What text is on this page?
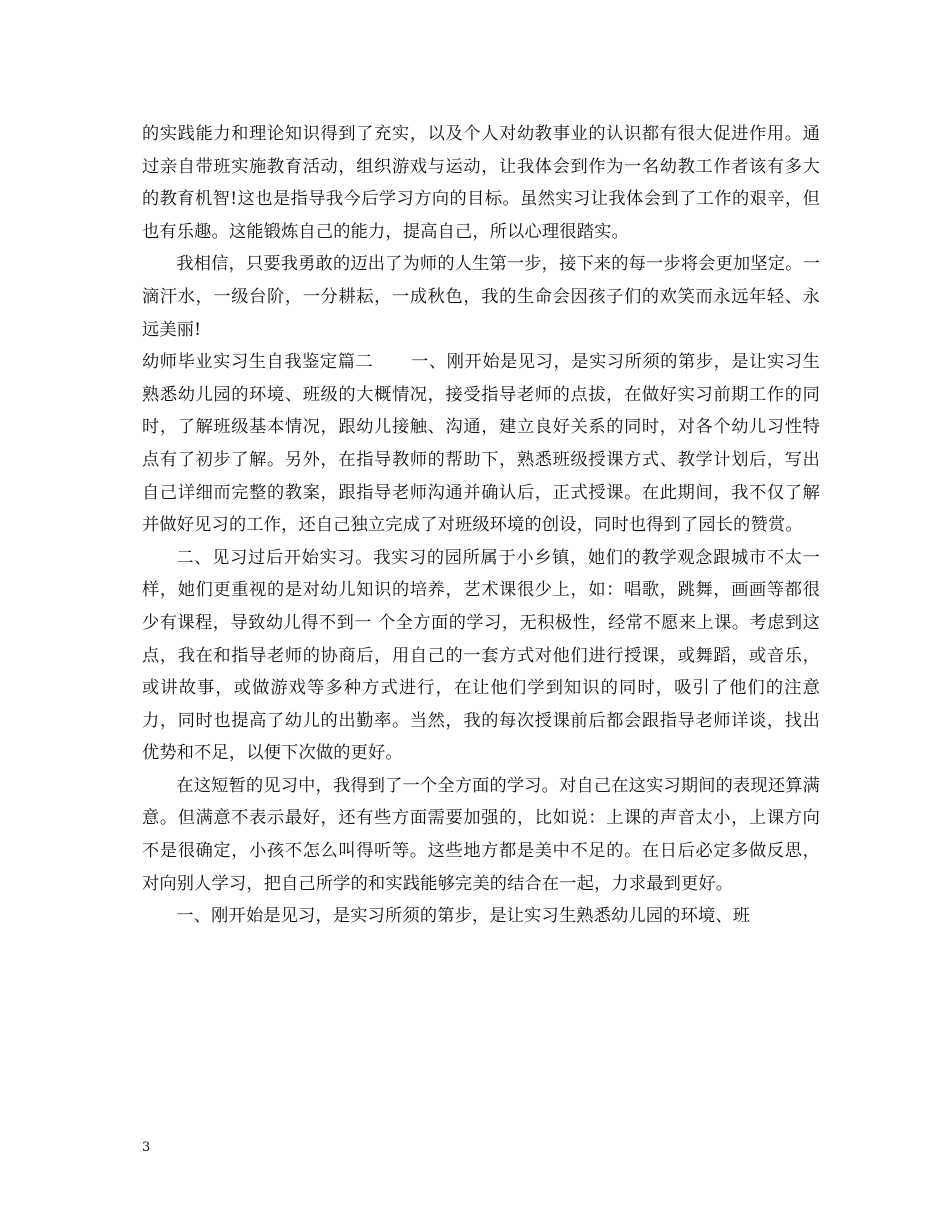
的实践能力和理论知识得到了充实，以及个人对幼教事业的认识都有很大促进作用。通过亲自带班实施教育活动，组织游戏与运动，让我体会到作为一名幼教工作者该有多大的教育机智!这也是指导我今后学习方向的目标。虽然实习让我体会到了工作的艰辛，但也有乐趣。这能锻炼自己的能力，提高自己，所以心理很踏实。

我相信，只要我勇敢的迈出了为师的人生第一步，接下来的每一步将会更加坚定。一滴汗水，一级台阶，一分耕耘，一成秋色，我的生命会因孩子们的欢笑而永远年轻、永远美丽!

幼师毕业实习生自我鉴定篇二 一、刚开始是见习，是实习所须的第步，是让实习生熟悉幼儿园的环境、班级的大概情况，接受指导老师的点拔，在做好实习前期工作的同时，了解班级基本情况，跟幼儿接触、沟通，建立良好关系的同时，对各个幼儿习性特点有了初步了解。另外，在指导教师的帮助下，熟悉班级授课方式、教学计划后，写出自己详细而完整的教案，跟指导老师沟通并确认后，正式授课。在此期间，我不仅了解并做好见习的工作，还自己独立完成了对班级环境的创设，同时也得到了园长的赞赏。

二、见习过后开始实习。我实习的园所属于小乡镇，她们的教学观念跟城市不太一样，她们更重视的是对幼儿知识的培养，艺术课很少上，如：唱歌，跳舞，画画等都很少有课程，导致幼儿得不到一 个全方面的学习，无积极性，经常不愿来上课。考虑到这点，我在和指导老师的协商后，用自己的一套方式对他们进行授课，或舞蹈，或音乐，或讲故事，或做游戏等多种方式进行，在让他们学到知识的同时，吸引了他们的注意力，同时也提高了幼儿的出勤率。当然，我的每次授课前后都会跟指导老师详谈，找出优势和不足，以便下次做的更好。

在这短暂的见习中，我得到了一个全方面的学习。对自己在这实习期间的表现还算满意。但满意不表示最好，还有些方面需要加强的，比如说：上课的声音太小，上课方向不是很确定，小孩不怎么叫得听等。这些地方都是美中不足的。在日后必定多做反思，对向别人学习，把自己所学的和实践能够完美的结合在一起，力求最到更好。

一、刚开始是见习，是实习所须的第步，是让实习生熟悉幼儿园的环境、班

3
